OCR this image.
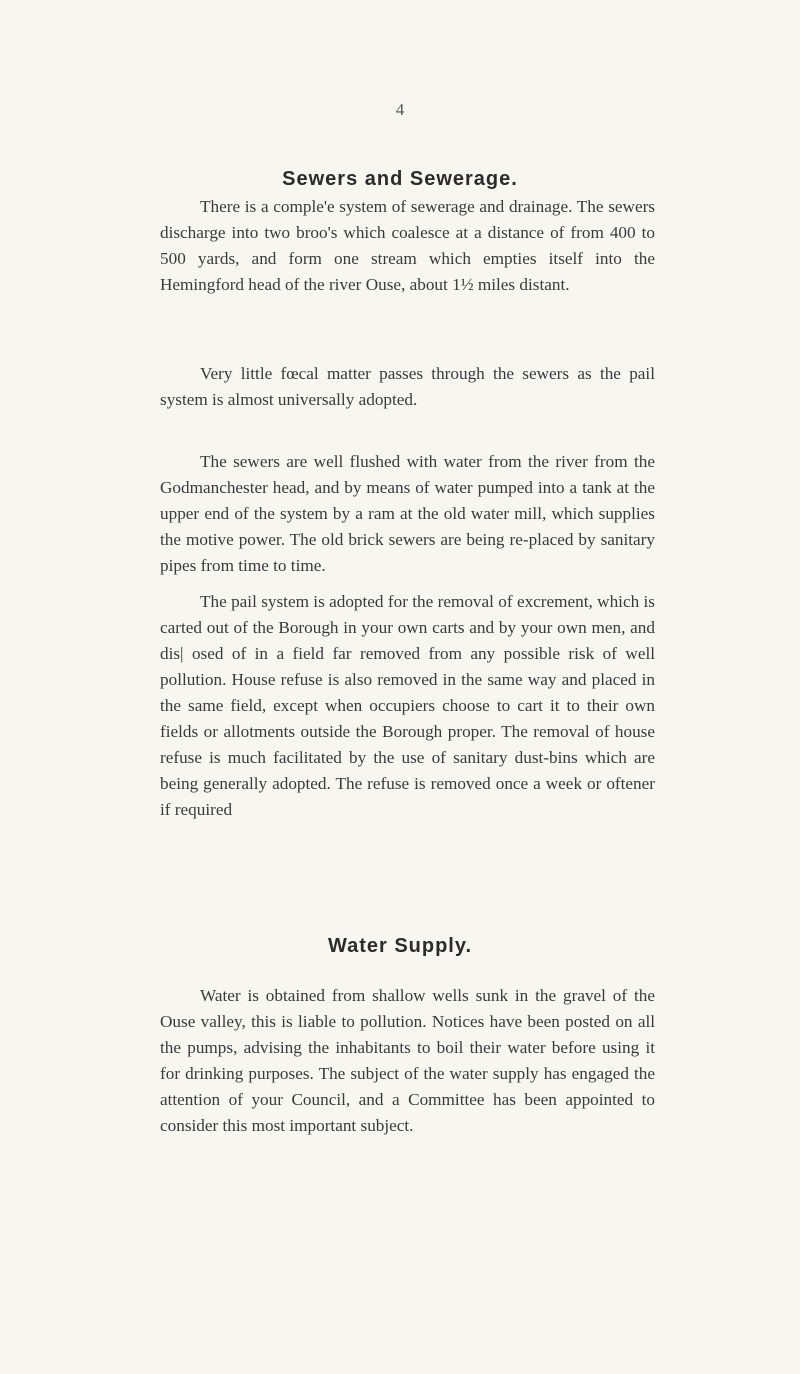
4
Sewers and Sewerage.

There is a comple'e system of sewerage and drainage. The sewers discharge into two broo's which coalesce at a distance of from 400 to 500 yards, and form one stream which empties itself into the Hemingford head of the river Ouse, about 1½ miles distant.

Very little fœcal matter passes through the sewers as the pail system is almost universally adopted.

The sewers are well flushed with water from the river from the Godmanchester head, and by means of water pumped into a tank at the upper end of the system by a ram at the old water mill, which supplies the motive power. The old brick sewers are being re-placed by sanitary pipes from time to time.

The pail system is adopted for the removal of excrement, which is carted out of the Borough in your own carts and by your own men, and dis| osed of in a field far removed from any possible risk of well pollution. House refuse is also removed in the same way and placed in the same field, except when occupiers choose to cart it to their own fields or allotments outside the Borough proper. The removal of house refuse is much facilitated by the use of sanitary dust-bins which are being generally adopted. The refuse is removed once a week or oftener if required

Water Supply.

Water is obtained from shallow wells sunk in the gravel of the Ouse valley, this is liable to pollution. Notices have been posted on all the pumps, advising the inhabitants to boil their water before using it for drinking purposes. The subject of the water supply has engaged the attention of your Council, and a Committee has been appointed to consider this most important subject.
